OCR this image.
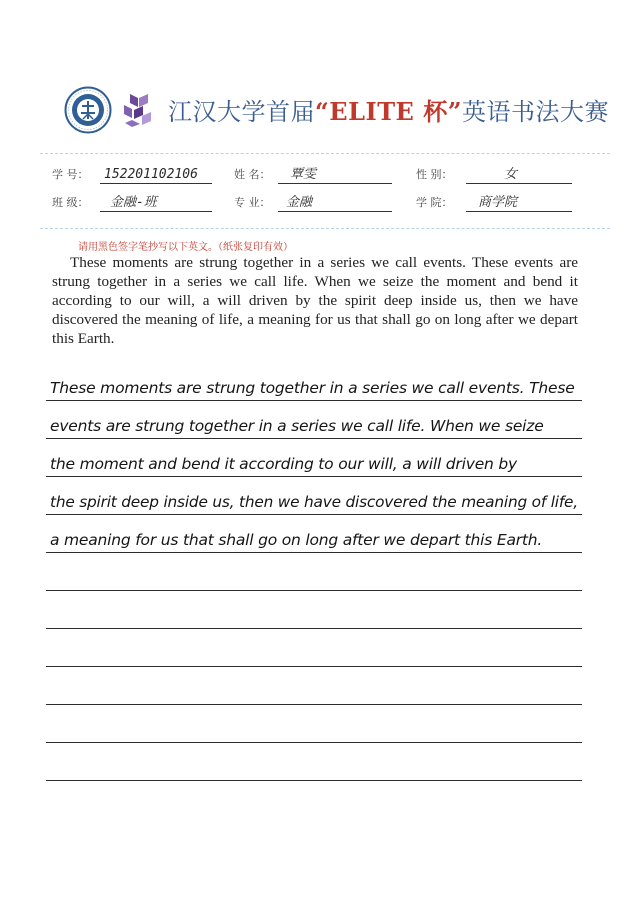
江汉大学首届“ELITE 杯”英语书法大赛
学 号： 152201102106	姓 名： 覃雯	性 别：	女
班 级： 金融-班	专 业： 金融	学 院： 商学院
请用黑色签字笔抄写以下英文。（纸张复印有效）

These moments are strung together in a series we call events. These events are strung together in a series we call life. When we seize the moment and bend it according to our will, a will driven by the spirit deep inside us, then we have discovered the meaning of life, a meaning for us that shall go on long after we depart this Earth.

These moments are strung together in a series we call events. These
events are strung together in a series we call life. When we seize
the moment and bend it according to our will, a will driven by
the spirit deep inside us, then we have discovered the meaning of life,
a meaning for us that shall go on long after we depart this Earth.
